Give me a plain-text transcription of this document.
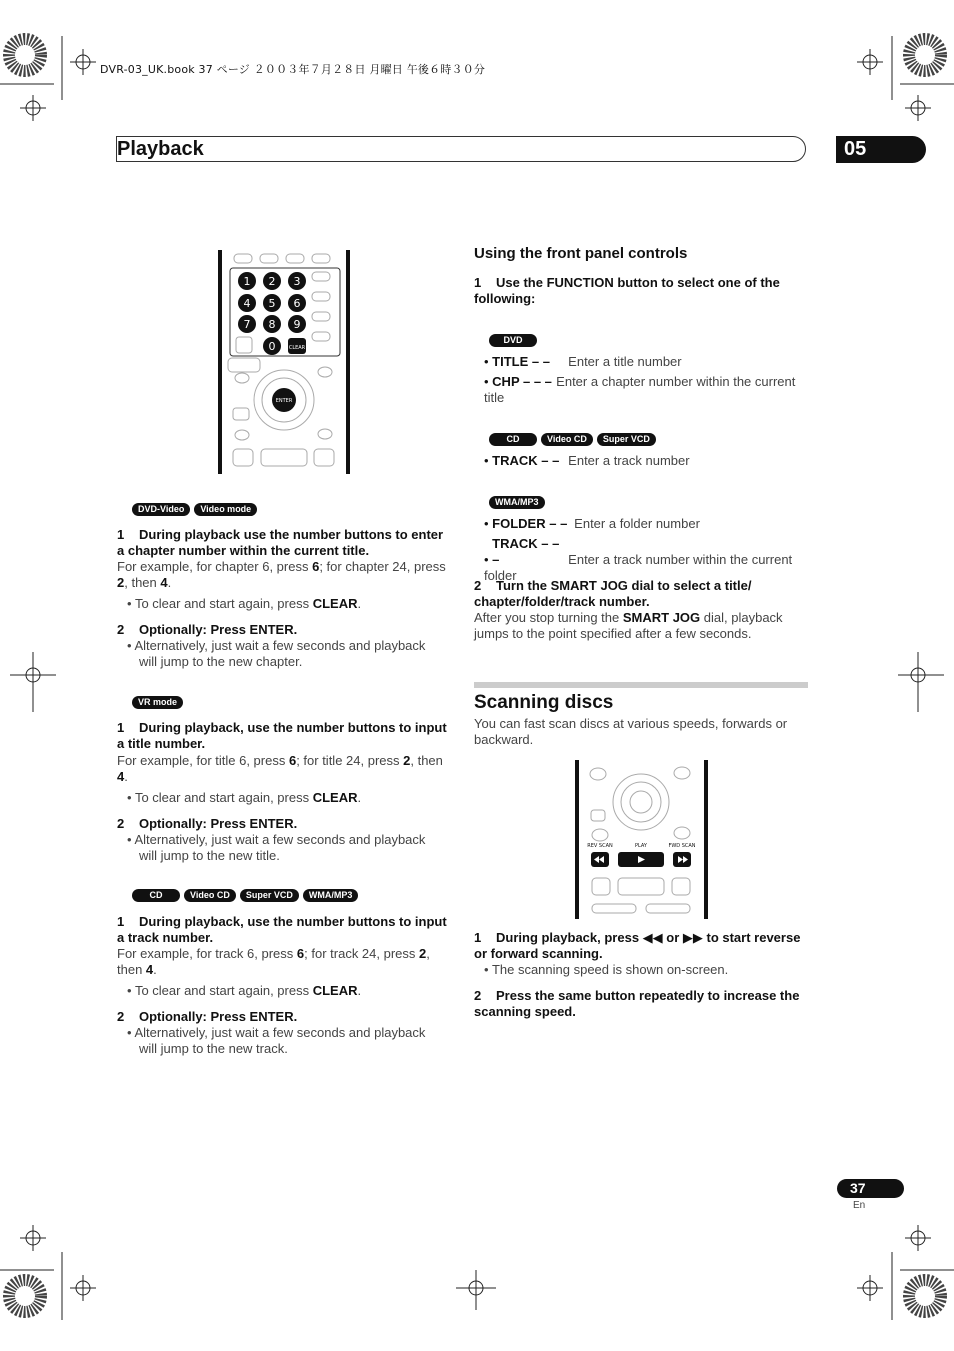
DVR-03_UK.book 37 ページ ２００３年７月２８日 月曜日 午後６時３０分
Playback	05
1 2 3
4 5 6
7 8 9
0	CLEAR
ENTER
DVD-Video Video mode
1 During playback use the number buttons to enter a chapter number within the current title.
For example, for chapter 6, press 6; for chapter 24, press 2, then 4.
• To clear and start again, press CLEAR.
2 Optionally: Press ENTER.
• Alternatively, just wait a few seconds and playback will jump to the new chapter.
VR mode
1 During playback, use the number buttons to input a title number.
For example, for title 6, press 6; for title 24, press 2, then 4.
• To clear and start again, press CLEAR.
2 Optionally: Press ENTER.
• Alternatively, just wait a few seconds and playback will jump to the new title.
CD	Video CD Super VCD WMA/MP3
1 During playback, use the number buttons to input a track number.
For example, for track 6, press 6; for track 24, press 2, then 4.
• To clear and start again, press CLEAR.
2 Optionally: Press ENTER.
• Alternatively, just wait a few seconds and playback will jump to the new track.
Using the front panel controls
1 Use the FUNCTION button to select one of the following:
DVD
• TITLE – – Enter a title number
• CHP – – – Enter a chapter number within the current
title
CD	Video CD Super VCD
• TRACK – – Enter a track number
WMA/MP3
• FOLDER – – Enter a folder number
• TRACK – – –	Enter a track number within the current
folder
2 Turn the SMART JOG dial to select a title/ chapter/folder/track number.
After you stop turning the SMART JOG dial, playback jumps to the point specified after a few seconds.
Scanning discs
You can fast scan discs at various speeds, forwards or backward.
REV SCAN	PLAY	FWD SCAN
1 During playback, press ◀◀ or ▶▶ to start reverse or forward scanning.
• The scanning speed is shown on-screen.
2 Press the same button repeatedly to increase the scanning speed.
37
En
